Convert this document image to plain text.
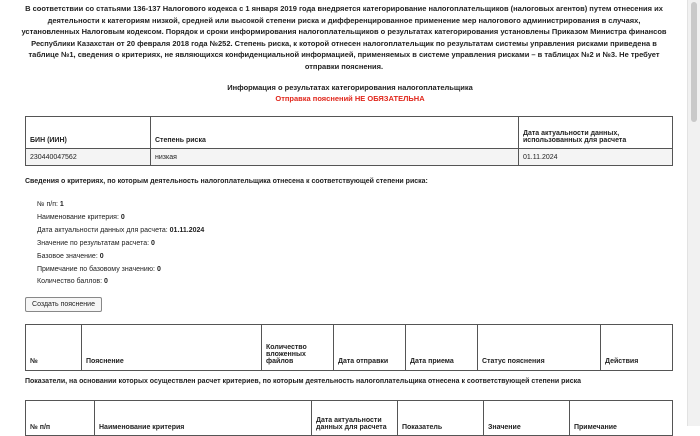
В соответствии со статьями 136-137 Налогового кодекса с 1 января 2019 года внедряется категорирование налогоплательщиков (налоговых агентов) путем отнесения их деятельности к категориям низкой, средней или высокой степени риска и дифференцированное применение мер налогового администрирования в случаях, установленных Налоговым кодексом. Порядок и сроки информирования налогоплательщиков о результатах категорирования установлены Приказом Министра финансов Республики Казахстан от 20 февраля 2018 года №252. Степень риска, к которой отнесен налогоплательщик по результатам системы управления рисками приведена в таблице №1, сведения о критериях, не являющихся конфиденциальной информацией, применяемых в системе управления рисками – в таблицах №2 и №3. Не требует отправки пояснения.
Информация о результатах категорирования налогоплательщика
Отправка пояснений НЕ ОБЯЗАТЕЛЬНА
БИН (ИИН)	Степень риска	Дата актуальности данных, использованных для расчета
230440047562	низкая	01.11.2024
Сведения о критериях, по которым деятельность налогоплательщика отнесена к соответствующей степени риска:
№ п/п: 1
Наименование критерия: 0
Дата актуальности данных для расчета: 01.11.2024
Значение по результатам расчета: 0
Базовое значение: 0
Примечание по базовому значению: 0
Количество баллов: 0
Создать пояснение
№	Пояснение	Количество вложенных файлов	Дата отправки	Дата приема	Статус пояснения	Действия
Показатели, на основании которых осуществлен расчет критериев, по которым деятельность налогоплательщика отнесена к соответствующей степени риска
№ п/п	Наименование критерия	Дата актуальности данных для расчета	Показатель	Значение	Примечание
